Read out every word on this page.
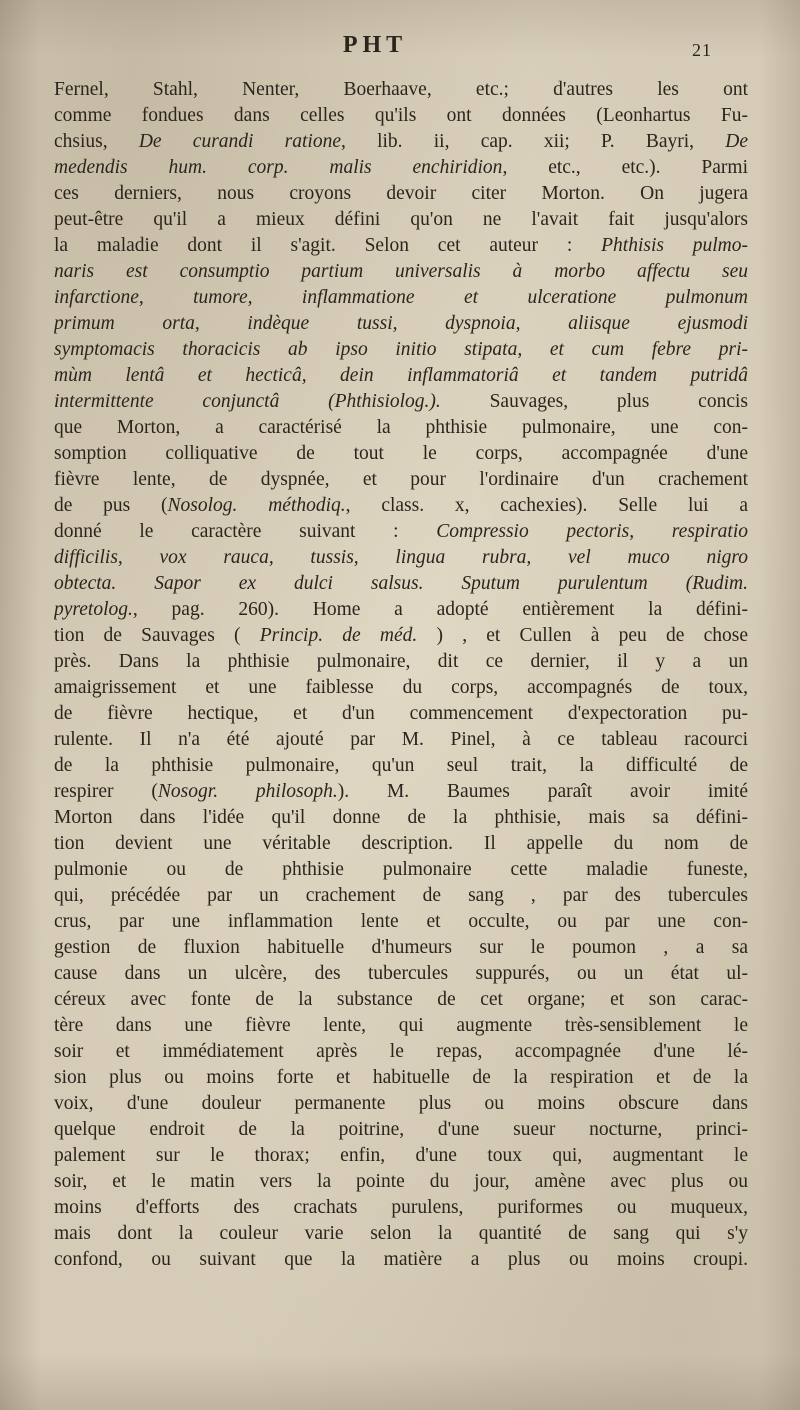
PHT	21
Fernel, Stahl, Nenter, Boerhaave, etc.; d'autres les ont
comme fondues dans celles qu'ils ont données (Leonhartus Fu-
chsius, De curandi ratione, lib. ii, cap. xii; P. Bayri, De
medendis hum. corp. malis enchiridion, etc., etc.). Parmi
ces derniers, nous croyons devoir citer Morton. On jugera
peut-être qu'il a mieux défini qu'on ne l'avait fait jusqu'alors
la maladie dont il s'agit. Selon cet auteur : Phthisis pulmo-
naris est consumptio partium universalis à morbo affectu seu
infarctione, tumore, inflammatione et ulceratione pulmonum
primum orta, indèque tussi, dyspnoia, aliisque ejusmodi
symptomacis thoracicis ab ipso initio stipata, et cum febre pri-
mùm lentâ et hecticâ, dein inflammatoriâ et tandem putridâ
intermittente conjunctâ (Phthisiolog.). Sauvages, plus concis
que Morton, a caractérisé la phthisie pulmonaire, une con-
somption colliquative de tout le corps, accompagnée d'une
fièvre lente, de dyspnée, et pour l'ordinaire d'un crachement
de pus (Nosolog. méthodiq., class. x, cachexies). Selle lui a
donné le caractère suivant : Compressio pectoris, respiratio
difficilis, vox rauca, tussis, lingua rubra, vel muco nigro
obtecta. Sapor ex dulci salsus. Sputum purulentum (Rudim.
pyretolog., pag. 260). Home a adopté entièrement la défini-
tion de Sauvages ( Princip. de méd. ) , et Cullen à peu de chose
près. Dans la phthisie pulmonaire, dit ce dernier, il y a un
amaigrissement et une faiblesse du corps, accompagnés de toux,
de fièvre hectique, et d'un commencement d'expectoration pu-
rulente. Il n'a été ajouté par M. Pinel, à ce tableau racourci
de la phthisie pulmonaire, qu'un seul trait, la difficulté de
respirer (Nosogr. philosoph.). M. Baumes paraît avoir imité
Morton dans l'idée qu'il donne de la phthisie, mais sa défini-
tion devient une véritable description. Il appelle du nom de
pulmonie ou de phthisie pulmonaire cette maladie funeste,
qui, précédée par un crachement de sang , par des tubercules
crus, par une inflammation lente et occulte, ou par une con-
gestion de fluxion habituelle d'humeurs sur le poumon , a sa
cause dans un ulcère, des tubercules suppurés, ou un état ul-
céreux avec fonte de la substance de cet organe; et son carac-
tère dans une fièvre lente, qui augmente très-sensiblement le
soir et immédiatement après le repas, accompagnée d'une lé-
sion plus ou moins forte et habituelle de la respiration et de la
voix, d'une douleur permanente plus ou moins obscure dans
quelque endroit de la poitrine, d'une sueur nocturne, princi-
palement sur le thorax; enfin, d'une toux qui, augmentant le
soir, et le matin vers la pointe du jour, amène avec plus ou
moins d'efforts des crachats purulens, puriformes ou muqueux,
mais dont la couleur varie selon la quantité de sang qui s'y
confond, ou suivant que la matière a plus ou moins croupi.
